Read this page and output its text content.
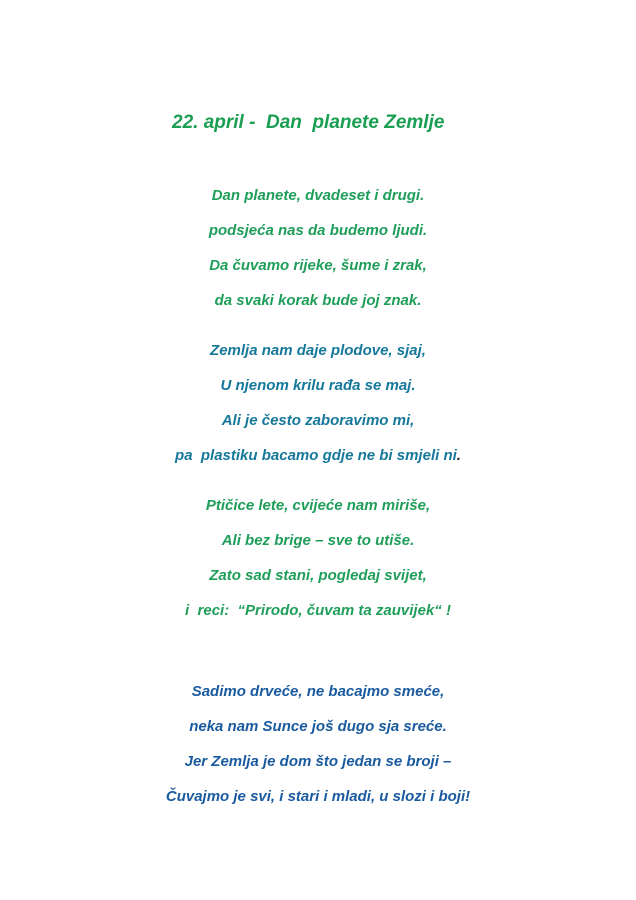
22. april -  Dan  planete Zemlje
Dan planete, dvadeset i drugi.
podsjeća nas da budemo ljudi.
Da čuvamo rijeke, šume i zrak,
da svaki korak bude joj znak.
Zemlja nam daje plodove, sjaj,
U njenom krilu rađa se maj.
Ali je često zaboravimo mi,
pa  plastiku bacamo gdje ne bi smjeli ni.
Ptičice lete, cvijeće nam miriše,
Ali bez brige – sve to utiše.
Zato sad stani, pogledaj svijet,
i  reci:  “Prirodo, čuvam ta zauvijek“ !
Sadimo drveće, ne bacajmo smeće,
neka nam Sunce još dugo sja sreće.
Jer Zemlja je dom što jedan se broji –
Čuvajmo je svi, i stari i mladi, u slozi i boji!
